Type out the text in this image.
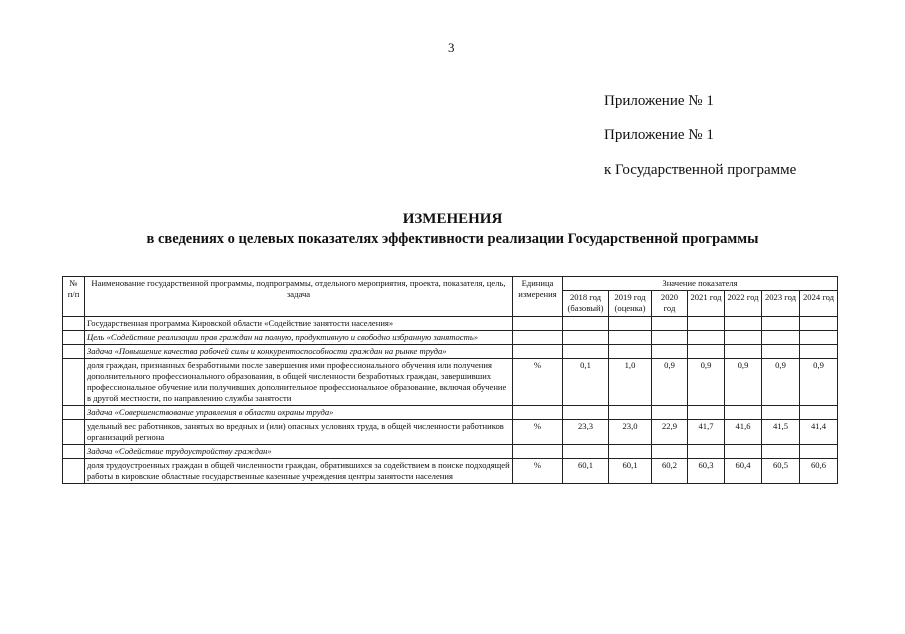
3
Приложение № 1
Приложение № 1
к Государственной программе
ИЗМЕНЕНИЯ
в сведениях о целевых показателях эффективности реализации Государственной программы
№ п/п	Наименование государственной программы, подпрограммы, отдельного мероприятия, проекта, показателя, цель, задача	Единица измерения	Значение показателя						
			2018 год (базовый)	2019 год (оценка)	2020 год	2021 год	2022 год	2023 год	2024 год
	Государственная программа Кировской области «Содействие занятости населения»								
	Цель «Содействие реализации прав граждан на полную, продуктивную и свободно избранную занятость»								
	Задача «Повышение качества рабочей силы и конкурентоспособности граждан на рынке труда»								
	доля граждан, признанных безработными после завершения ими профессионального обучения или получения дополнительного профессионального образования, в общей численности безработных граждан, завершивших профессиональное обучение или получивших дополнительное профессиональное образование, включая обучение в другой местности, по направлению службы занятости	%	0,1	1,0	0,9	0,9	0,9	0,9	0,9
	Задача «Совершенствование управления в области охраны труда»								
	удельный вес работников, занятых во вредных и (или) опасных условиях труда, в общей численности работников организаций региона	%	23,3	23,0	22,9	41,7	41,6	41,5	41,4
	Задача «Содействие трудоустройству граждан»								
	доля трудоустроенных граждан в общей численности граждан, обратившихся за содействием в поиске подходящей работы в кировские областные государственные казенные учреждения центры занятости населения	%	60,1	60,1	60,2	60,3	60,4	60,5	60,6
